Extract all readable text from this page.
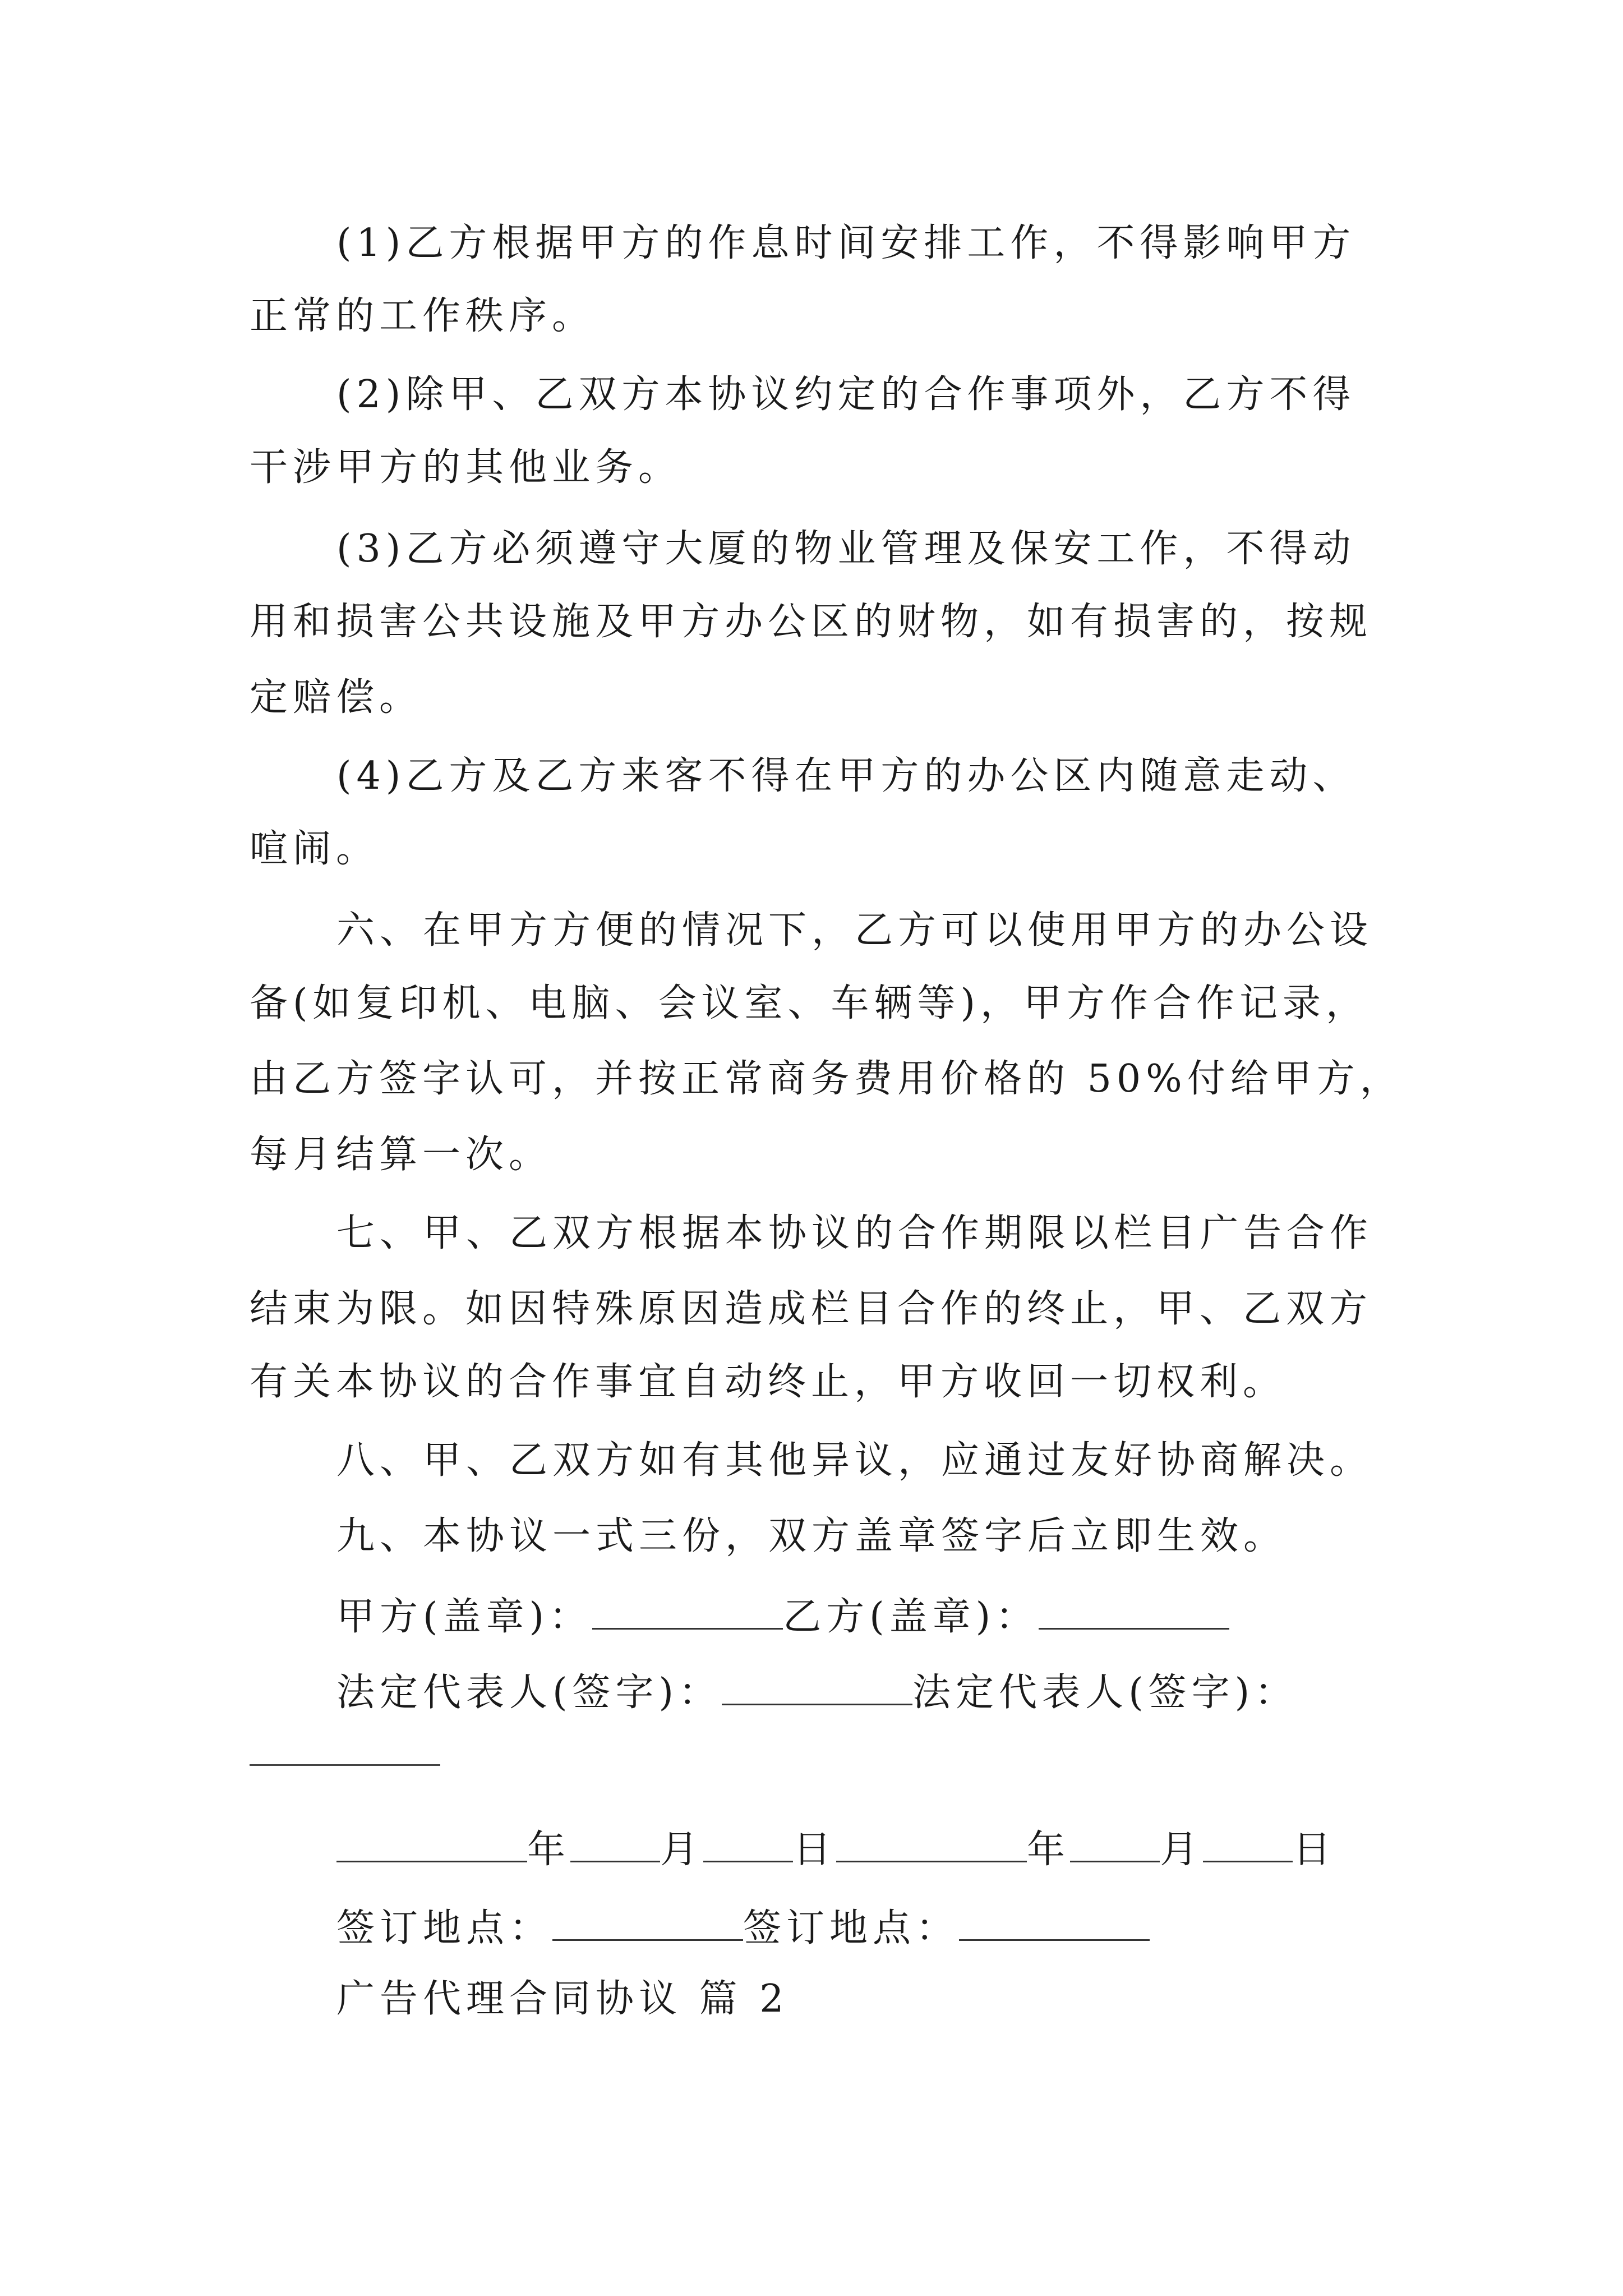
(1)乙方根据甲方的作息时间安排工作，不得影响甲方
正常的工作秩序。
(2)除甲、乙双方本协议约定的合作事项外，乙方不得
干涉甲方的其他业务。
(3)乙方必须遵守大厦的物业管理及保安工作，不得动
用和损害公共设施及甲方办公区的财物，如有损害的，按规
定赔偿。
(4)乙方及乙方来客不得在甲方的办公区内随意走动、
喧闹。
六、在甲方方便的情况下，乙方可以使用甲方的办公设
备(如复印机、电脑、会议室、车辆等)，甲方作合作记录，
由乙方签字认可，并按正常商务费用价格的 50%付给甲方，
每月结算一次。
七、甲、乙双方根据本协议的合作期限以栏目广告合作
结束为限。如因特殊原因造成栏目合作的终止，甲、乙双方
有关本协议的合作事宜自动终止，甲方收回一切权利。
八、甲、乙双方如有其他异议，应通过友好协商解决。
九、本协议一式三份，双方盖章签字后立即生效。
甲方(盖章)：	乙方(盖章)：
法定代表人(签字)：	法定代表人(签字)：
年 月 日	年 月 日
签订地点：	签订地点：
广告代理合同协议 篇 2
